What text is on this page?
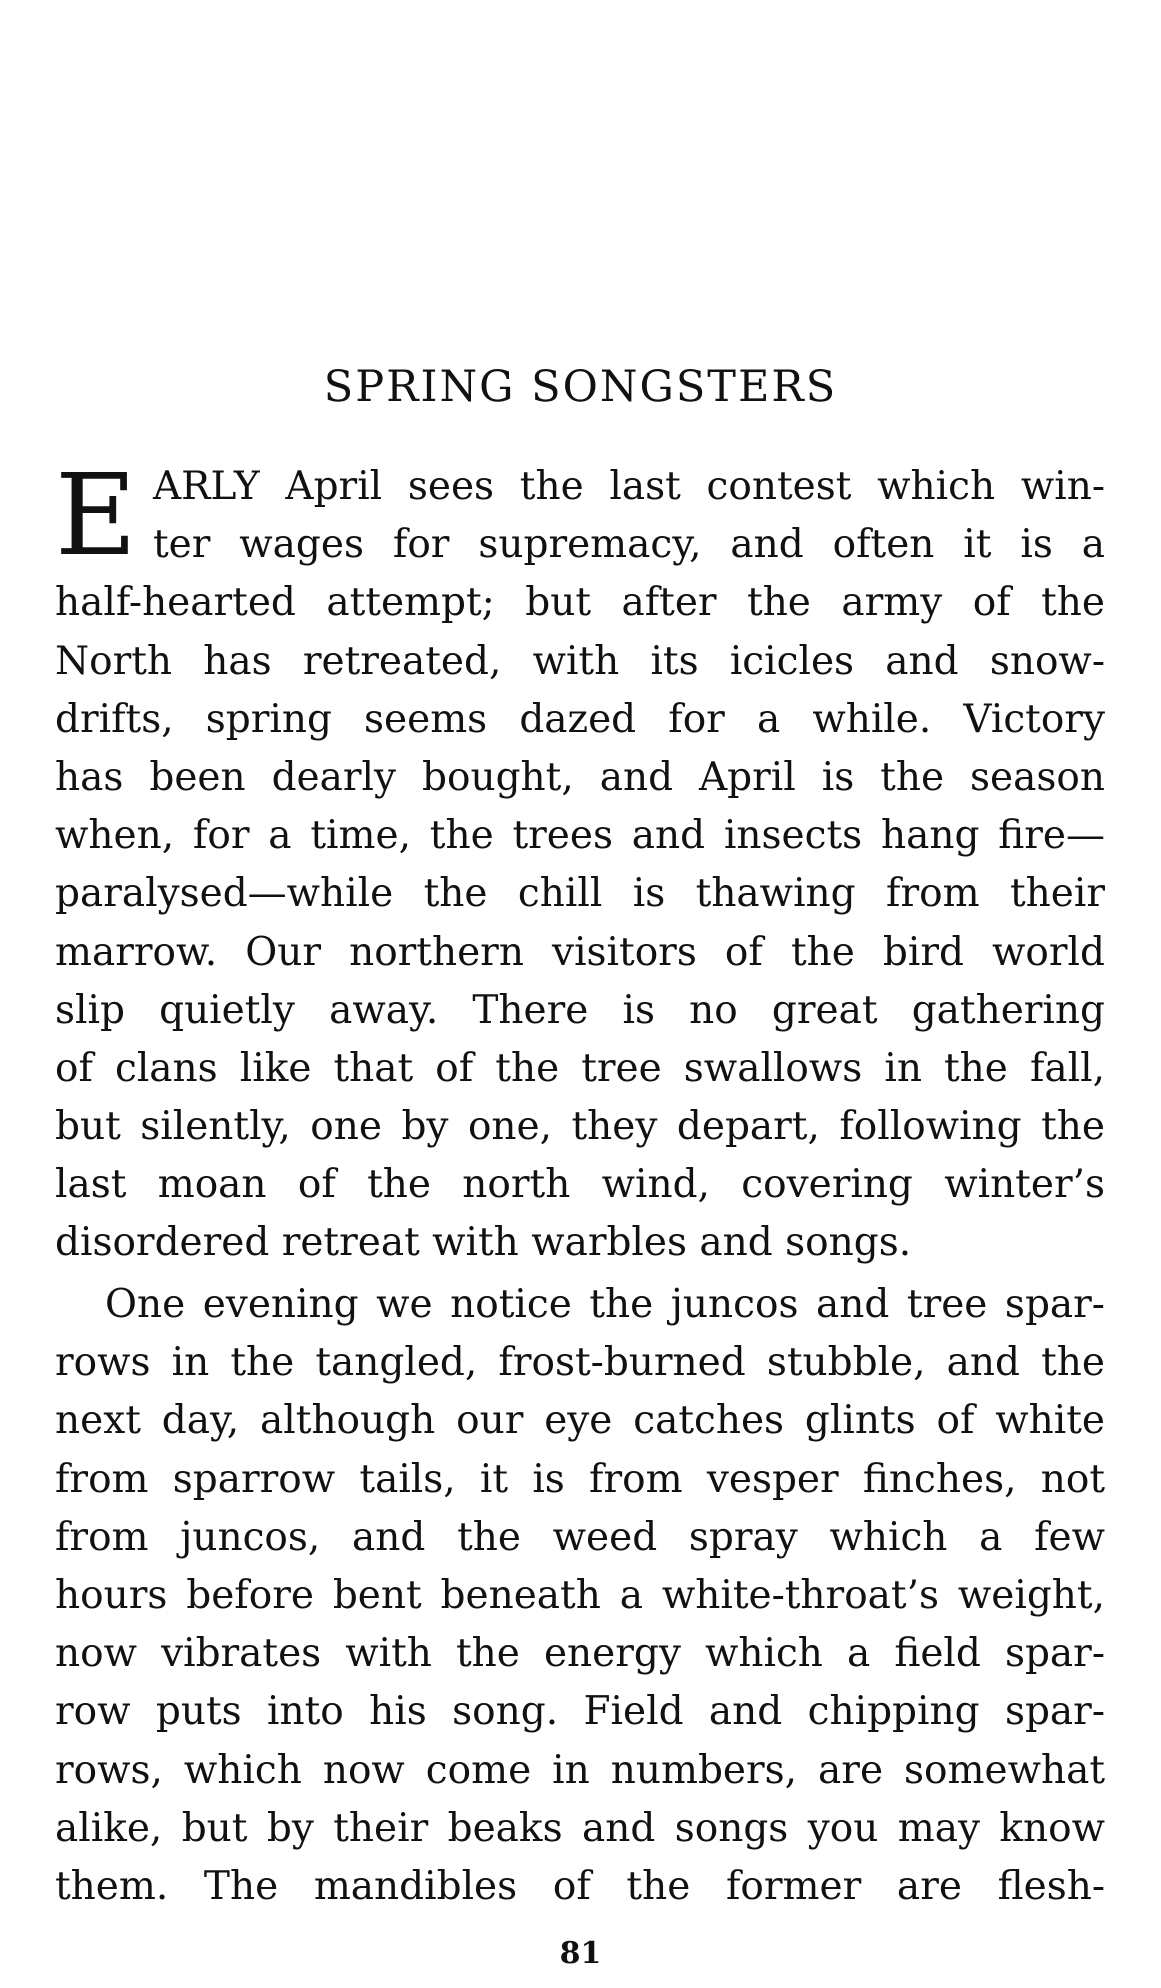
SPRING SONGSTERS
E ARLY April sees the last contest which win-
ter wages for supremacy, and often it is a
half-hearted attempt; but after the army of the
North has retreated, with its icicles and snow-
drifts, spring seems dazed for a while. Victory
has been dearly bought, and April is the season
when, for a time, the trees and insects hang fire—
paralysed—while the chill is thawing from their
marrow. Our northern visitors of the bird world
slip quietly away. There is no great gathering
of clans like that of the tree swallows in the fall,
but silently, one by one, they depart, following the
last moan of the north wind, covering winter’s
disordered retreat with warbles and songs.
One evening we notice the juncos and tree spar-
rows in the tangled, frost-burned stubble, and the
next day, although our eye catches glints of white
from sparrow tails, it is from vesper finches, not
from juncos, and the weed spray which a few
hours before bent beneath a white-throat’s weight,
now vibrates with the energy which a field spar-
row puts into his song. Field and chipping spar-
rows, which now come in numbers, are somewhat
alike, but by their beaks and songs you may know
them. The mandibles of the former are flesh-
81
